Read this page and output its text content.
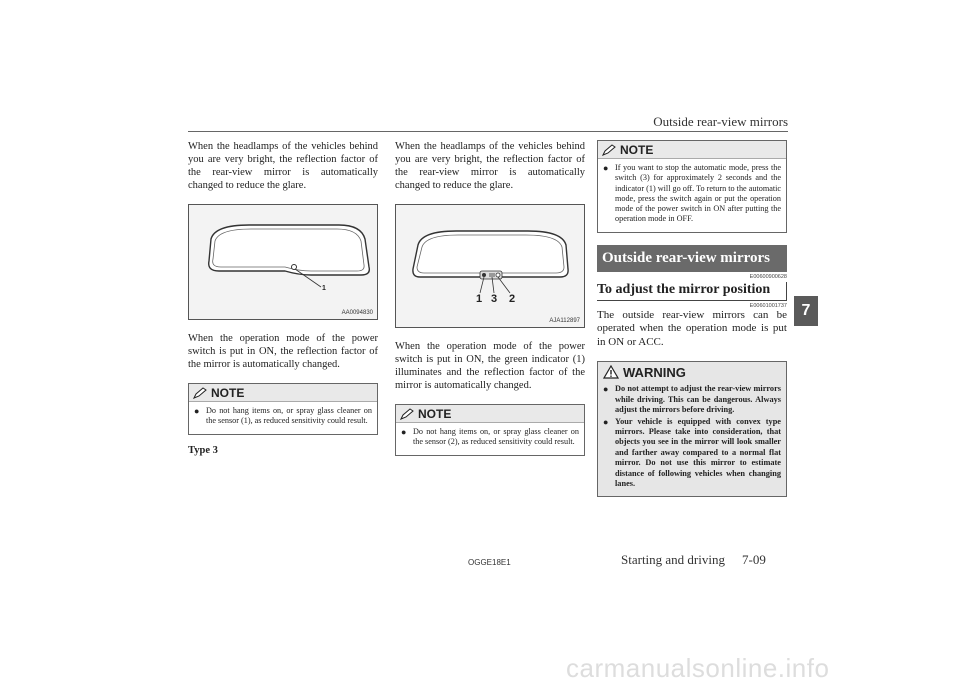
Outside rear-view mirrors
7

When the headlamps of the vehicles behind you are very bright, the reflection factor of the rear-view mirror is automatically changed to reduce the glare.

1
AA0094830

When the operation mode of the power switch is put in ON, the reflection factor of the mirror is automatically changed.

NOTE
● Do not hang items on, or spray glass cleaner on the sensor (1), as reduced sensitivity could result.
Type 3

When the headlamps of the vehicles behind you are very bright, the reflection factor of the rear-view mirror is automatically changed to reduce the glare.

1 3 2
AJA112897

When the operation mode of the power switch is put in ON, the green indicator (1) illuminates and the reflection factor of the mirror is automatically changed.

NOTE
● Do not hang items on, or spray glass cleaner on the sensor (2), as reduced sensitivity could result.
NOTE
● If you want to stop the automatic mode, press the switch (3) for approximately 2 seconds and the indicator (1) will go off. To return to the automatic mode, press the switch again or put the operation mode of the power switch in ON after putting the operation mode in OFF.
Outside rear-view mirrors
E00600900628
To adjust the mirror position
E00601001737

The outside rear-view mirrors can be operated when the operation mode is put in ON or ACC.

WARNING
● Do not attempt to adjust the rear-view mirrors while driving. This can be dangerous. Always adjust the mirrors before driving.
● Your vehicle is equipped with convex type mirrors. Please take into consideration, that objects you see in the mirror will look smaller and farther away compared to a normal flat mirror. Do not use this mirror to estimate distance of following vehicles when changing lanes.
OGGE18E1	Starting and driving 7-09
carmanualsonline.info
